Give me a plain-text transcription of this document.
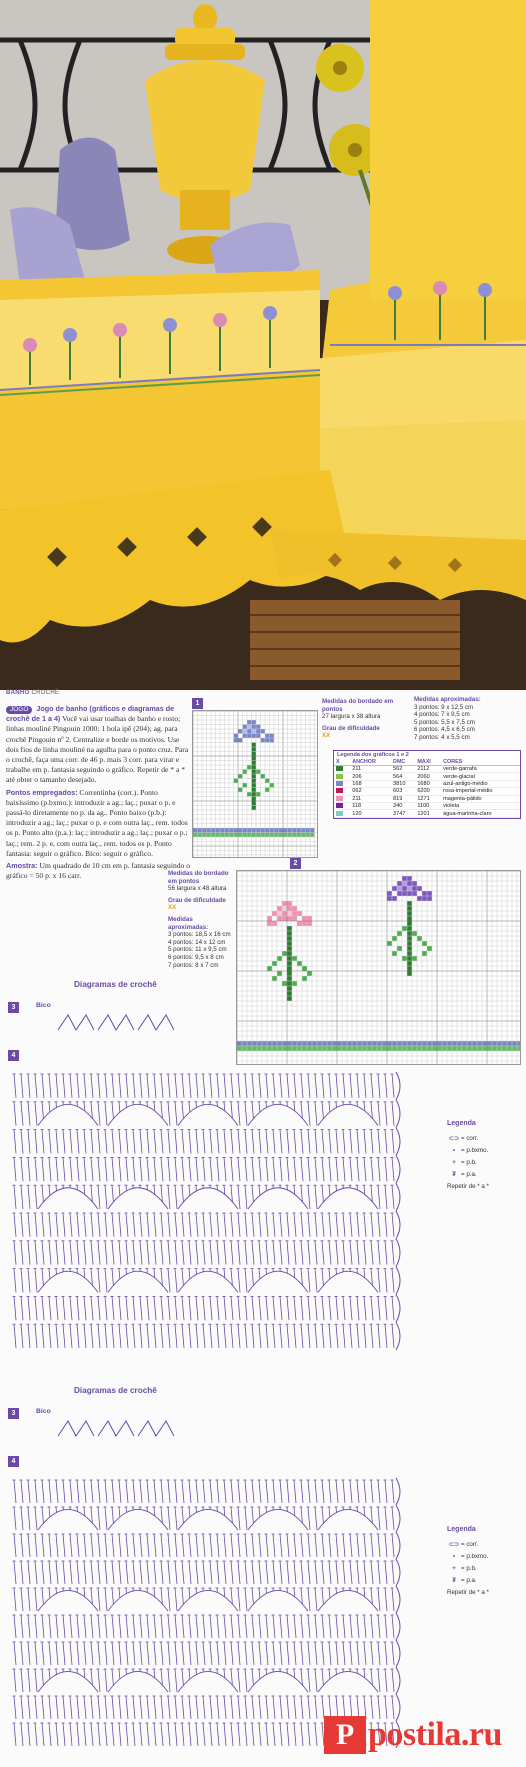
BANHO CROCHÊ

JOGO Jogo de banho (gráficos e diagramas de crochê de 1 a 4) Você vai usar toalhas de banho e rosto; linhas mouliné Pingouin 1000: 1 bola ipê (204); ag. para crochê Pingouin nº 2. Centralize e borde os motivos. Use dois fios de linha mouliné na agulha para o ponto cruz. Para o crochê, faça uma corr. de 46 p. mais 3 corr. para virar e trabalhe em p. fantasia seguindo o gráfico. Repetir de * a * até obter o tamanho desejado.

Pontos empregados: Correntinha (corr.). Ponto baixíssimo (p.bxmo.): introduzir a ag.; laç.; puxar o p. e passá-lo diretamente no p. da ag.. Ponto baixo (p.b.): introduzir a ag.; laç.; puxar o p. e com outra laç., rem. todos os p. Ponto alto (p.a.): laç.; introduzir a ag.; laç.; puxar o p.; laç.; rem. 2 p. e, com outra laç., rem. todos os p. Ponto fantasia: seguir o gráfico. Bico: seguir o gráfico.

Amostra: Um quadrado de 10 cm em p. fantasia seguindo o gráfico = 50 p. x 16 carr.

1	Medidas do bordado em pontos
27 largura x 38 altura
Grau de dificuldade
XX
Medidas aproximadas:
3 pontos: 9 x 12,5 cm
4 pontos: 7 x 9,5 cm
5 pontos: 5,5 x 7,5 cm
6 pontos: 4,5 x 6,5 cm
7 pontos: 4 x 5,5 cm
Legenda dos gráficos 1 e 2
X	ANCHOR	DMC	MAXI	CORES
	211	562	2112	verde-garrafa
	206	564	2060	verde-glacial
	168	3810	1680	azul-antigo-médio
	062	603	6200	rosa-imperial-médio
	211	819	1271	magenta-pálido
	118	340	1100	violeta
	120	3747	1201	água-marinha-claro
2
Medidas do bordado em pontos
56 largura x 48 altura
Grau de dificuldade
XX
Medidas aproximadas:
3 pontos: 18,5 x 16 cm
4 pontos: 14 x 12 cm
5 pontos: 11 x 9,5 cm
6 pontos: 9,5 x 8 cm
7 pontos: 8 x 7 cm
Diagramas de crochê
3	Bico
4
Legenda
⊂⊃ = corr.
• = p.bxmo.
+ = p.b.
₮ = p.a.
Repetir de * a *
Diagramas de crochê
3	Bico
4
Legenda
⊂⊃ = corr.
• = p.bxmo.
+ = p.b.
₮ = p.a.
Repetir de * a *
P postila.ru
